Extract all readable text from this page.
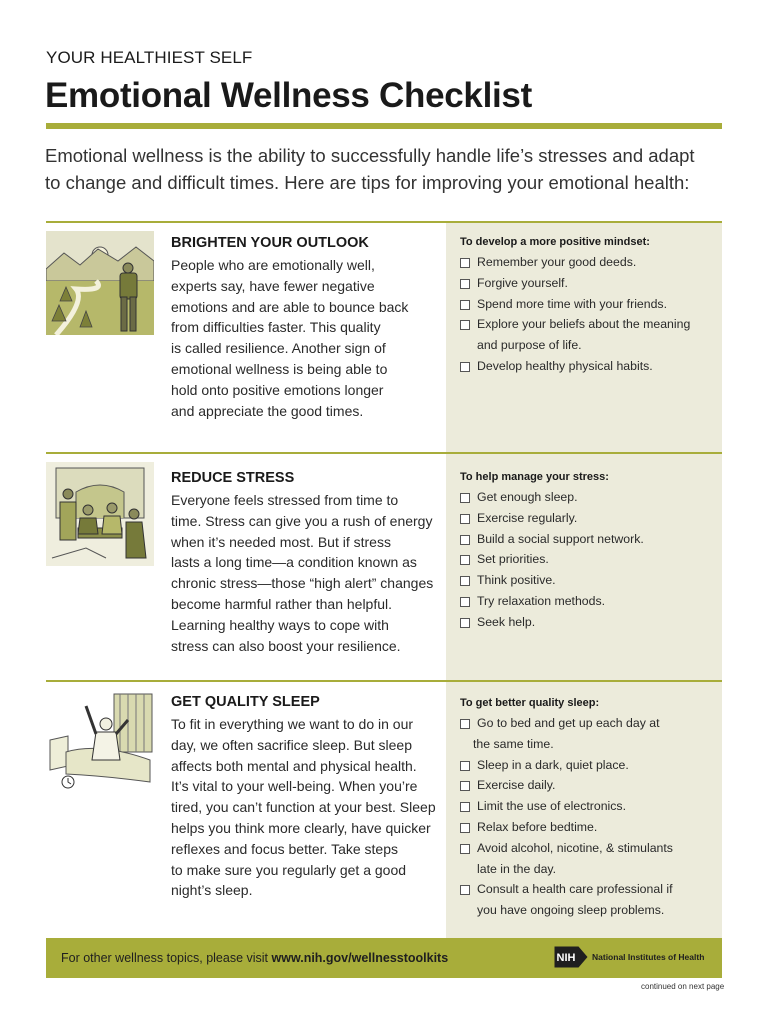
YOUR HEALTHIEST SELF
Emotional Wellness Checklist
Emotional wellness is the ability to successfully handle life’s stresses and adapt
to change and difficult times. Here are tips for improving your emotional health:
BRIGHTEN YOUR OUTLOOK
People who are emotionally well,
experts say, have fewer negative
emotions and are able to bounce back
from difficulties faster. This quality
is called resilience. Another sign of
emotional wellness is being able to
hold onto positive emotions longer
and appreciate the good times.
To develop a more positive mindset:
Remember your good deeds.
Forgive yourself.
Spend more time with your friends.
Explore your beliefs about the meaning
and purpose of life.
Develop healthy physical habits.
REDUCE STRESS
Everyone feels stressed from time to
time. Stress can give you a rush of energy
when it’s needed most. But if stress
lasts a long time—a condition known as
chronic stress—those “high alert” changes
become harmful rather than helpful.
Learning healthy ways to cope with
stress can also boost your resilience.
To help manage your stress:
Get enough sleep.
Exercise regularly.
Build a social support network.
Set priorities.
Think positive.
Try relaxation methods.
Seek help.
GET QUALITY SLEEP
To fit in everything we want to do in our
day, we often sacrifice sleep. But sleep
affects both mental and physical health.
It’s vital to your well-being. When you’re
tired, you can’t function at your best. Sleep
helps you think more clearly, have quicker
reflexes and focus better. Take steps
to make sure you regularly get a good
night’s sleep.
To get better quality sleep:
Go to bed and get up each day at
the same time.
Sleep in a dark, quiet place.
Exercise daily.
Limit the use of electronics.
Relax before bedtime.
Avoid alcohol, nicotine, & stimulants
late in the day.
Consult a health care professional if
you have ongoing sleep problems.
For other wellness topics, please visit www.nih.gov/wellnesstoolkits	NIH National Institutes of Health
continued on next page
